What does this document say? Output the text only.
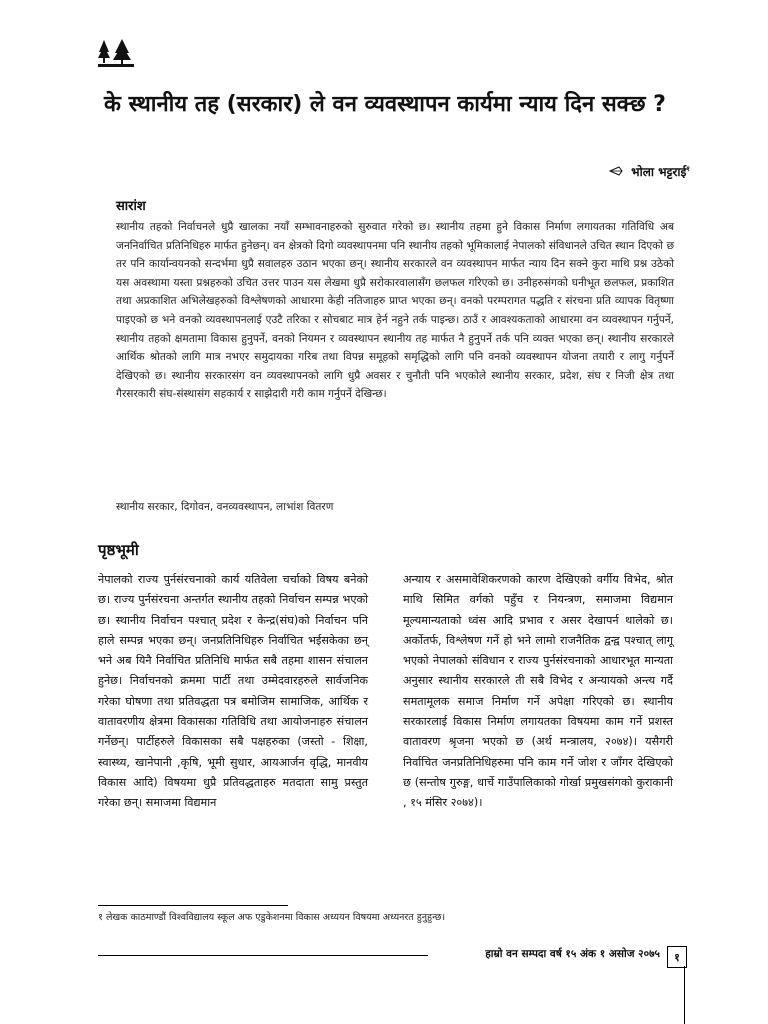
के स्थानीय तह (सरकार) ले वन व्यवस्थापन कार्यमा न्याय दिन सक्छ ?
भोला भट्टराई$^१$
सारांश
स्थानीय तहको निर्वाचनले धुप्रै खालका नयाँ सम्भावनाहरुको सुरुवात गरेको छ। स्थानीय तहमा हुने विकास निर्माण लगायतका गतिविधि अब जननिर्वाचित प्रतिनिधिहरु मार्फत हुनेछन्। वन क्षेत्रको दिगो व्यवस्थापनमा पनि स्थानीय तहको भूमिकालाई नेपालको संविधानले उचित स्थान दिएको छ तर पनि कार्यान्वयनको सन्दर्भमा धुप्रै सवालहरु उठान भएका छन्। स्थानीय सरकारले वन व्यवस्थापन मार्फत न्याय दिन सक्ने कुरा माथि प्रश्न उठेको यस अवस्थामा यस्ता प्रश्नहरुको उचित उत्तर पाउन यस लेखमा धुप्रै सरोकारवालासँग छलफल गरिएको छ। उनीहरुसंगको घनीभूत छलफल, प्रकाशित तथा अप्रकाशित अभिलेखहरुको विश्लेषणको आधारमा केही नतिजाहरु प्राप्त भएका छन्। वनको परम्परागत पद्धति र संरचना प्रति व्यापक वितृष्णा पाइएको छ भने वनको व्यवस्थापनलाई एउटै तरिका र सोचबाट मात्र हेर्न नहुने तर्क पाइन्छ। ठाउँ र आवश्यकताको आधारमा वन व्यवस्थापन गर्नुपर्ने, स्थानीय तहको क्षमतामा विकास हुनुपर्ने, वनको नियमन र व्यवस्थापन स्थानीय तह मार्फत नै हुनुपर्ने तर्क पनि व्यक्त भएका छन्। स्थानीय सरकारले आर्थिक श्रोतको लागि मात्र नभएर समुदायका गरिब तथा विपन्न समूहको समृद्धिको लागि पनि वनको व्यवस्थापन योजना तयारी र लागु गर्नुपर्ने देखिएको छ। स्थानीय सरकारसंग वन व्यवस्थापनको लागि धुप्रै अवसर र चुनौती पनि भएकोले स्थानीय सरकार, प्रदेश, संघ र निजी क्षेत्र तथा गैरसरकारी संघ-संस्थासंग सहकार्य र साझेदारी गरी काम गर्नुपर्ने देखिन्छ।
स्थानीय सरकार, दिगोवन, वनव्यवस्थापन, लाभांश वितरण
पृष्ठभूमी
नेपालको राज्य पुर्नसंरचनाको कार्य यतिवेला चर्चाको विषय बनेको छ। राज्य पुर्नसंरचना अन्तर्गत स्थानीय तहको निर्वाचन सम्पन्न भएको छ। स्थानीय निर्वाचन पश्चात् प्रदेश र केन्द्र(संघ)को निर्वाचन पनि हाले सम्पन्न भएका छन्। जनप्रतिनिधिहरु निर्वाचित भईसकेका छन् भने अब यिनै निर्वाचित प्रतिनिधि मार्फत सबै तहमा शासन संचालन हुनेछ। निर्वाचनको क्रममा पार्टी तथा उम्मेदवारहरुले सार्वजनिक गरेका घोषणा तथा प्रतिवद्धता पत्र बमोजिम सामाजिक, आर्थिक र वातावरणीय क्षेत्रमा विकासका गतिविधि तथा आयोजनाहरु संचालन गर्नेछन्। पार्टीहरुले विकासका सबै पक्षहरुका (जस्तो - शिक्षा, स्वास्थ्य, खानेपानी ,कृषि, भूमी सुधार, आयआर्जन वृद्धि, मानवीय विकास आदि) विषयमा धुप्रै प्रतिवद्धताहरु मतदाता सामु प्रस्तुत गरेका छन्। समाजमा विद्यमान
अन्याय र असमावेशिकरणको कारण देखिएको वर्गीय विभेद, श्रोत माथि सिमित वर्गको पहुँच र नियन्त्रण, समाजमा विद्यमान मूल्यमान्यताको ध्वंस आदि प्रभाव र असर देखापर्न थालेको छ। अर्कोतर्फ, विश्लेषण गर्ने हो भने लामो राजनैतिक द्वन्द्व पश्चात् लागू भएको नेपालको संविधान र राज्य पुर्नसंरचनाको आधारभूत मान्यता अनुसार स्थानीय सरकारले ती सबै विभेद र अन्यायको अन्त्य गर्दै समतामूलक समाज निर्माण गर्ने अपेक्षा गरिएको छ। स्थानीय सरकारलाई विकास निर्माण लगायतका विषयमा काम गर्ने प्रशस्त वातावरण श्रृजना भएको छ (अर्थ मन्त्रालय, २०७४)। यसैगरी निर्वाचित जनप्रतिनिधिहरुमा पनि काम गर्ने जोश र जाँगर देखिएको छ (सन्तोष गुरुङ्ग, धार्चे गाउँपालिकाको गोर्खा प्रमुखसंगको कुराकानी , १५ मंसिर २०७४)।
१ लेखक काठमाण्डौं विश्वविद्यालय स्कूल अफ एडुकेशनमा विकास अध्ययन विषयमा अध्यनरत हुनुहुन्छ।
हाम्रो वन सम्पदा वर्ष १५ अंक १ असोज २०७५	१
